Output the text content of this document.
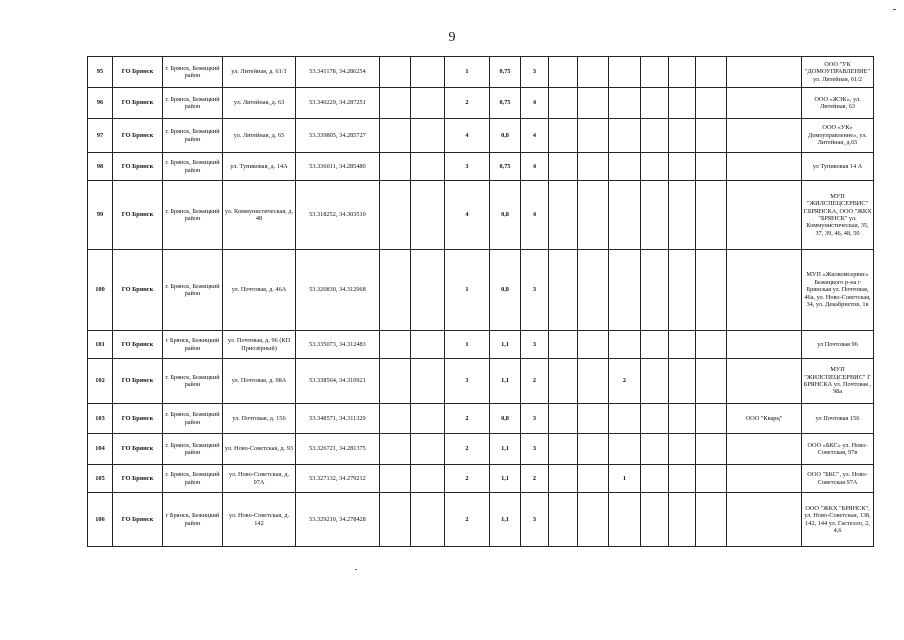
9
95	ГО Брянск	г. Брянск, Бежицкий район	ул. Литейная, д. 61/1	53.341178, 34.286254			1	0,75	3								ООО "УК "ДОМОУПРАВЛЕНИЕ" ул. Литейная, 61/2
96	ГО Брянск	г. Брянск, Бежицкий район	ул. Литейная, д. 63	53.340229, 34.287251			2	0,75	4								ООО «ЖЭК», ул. Литейная, 63
97	ГО Брянск	г. Брянск, Бежицкий район	ул. Литейная, д. 65	53.339805, 34.285727			4	0,8	4								ООО «УК» Домоуправление», ул. Литейная, д.65
98	ГО Брянск	г. Брянск, Бежицкий район	ул. Тупиковая, д. 14А	53.336011, 34.285480			3	0,75	4								ул Тупиковая 14 А
99	ГО Брянск	г. Брянск, Бежицкий район	ул. Коммунистическая, д. 48	53.318252, 34.303510			4	0,8	4								МУП "ЖИЛСПЕЦСЕРВИС" Г.БРЯНСКА, ООО "ЖКХ "БРЯНСК" ул. Коммунистическая, 35, 37, 39, 46, 48, 50
100	ГО Брянск	г. Брянск, Бежицкий район	ул. Почтовая, д. 46А	53.320830, 34.312968			1	0,8	3								МУП «Жилкомсервис» Бежицкого р-на г Брянская ул. Почтовая, 46а, ул. Ново-Советская, 34, ул. Декабристов, 1в
101	ГО Брянск	г Брянск, Бежицкий район	ул. Почтовая, д. 96 (КП Приозёрный)	53.335073, 34.312483			1	1,1	3								ул Почтовая 96
102	ГО Брянск	г. Брянск, Бежицкий район	ул. Почтовая, д. 98А	53.338564, 34.310921			3	1,1	2			2					МУП "ЖИЛСПЕЦСЕРВИС" Г БРЯНСКА ул. Почтовая , 98а
103	ГО Брянск	г. Брянск, Бежицкий район	ул. Почтовая, д. 156	53.348571, 34.311329			2	0,8	3							ООО "Кварц"	ул Почтовая 156
104	ГО Брянск	г. Брянск, Бежицкий район	ул. Ново-Советская, д. 93	53.326721, 34.281375			2	1,1	3								ООО «БКС» ул. Ново-Советская, 97в
105	ГО Брянск	г. Брянск, Бежицкий район	ул. Ново-Советская, д. 97А	53.327132, 34.279212			2	1,1	2			1					ООО "БКС", ул. Ново-Советская 97А
106	ГО Брянск	г Брянск, Бежицкий район	ул. Ново-Советская, д. 142	53.329210, 34.278428			2	1,1	3								ООО "ЖКХ "БРЯНСК", ул. Ново-Советская, 138, 142, 144 ул. Гастелло, 2, 4,6
